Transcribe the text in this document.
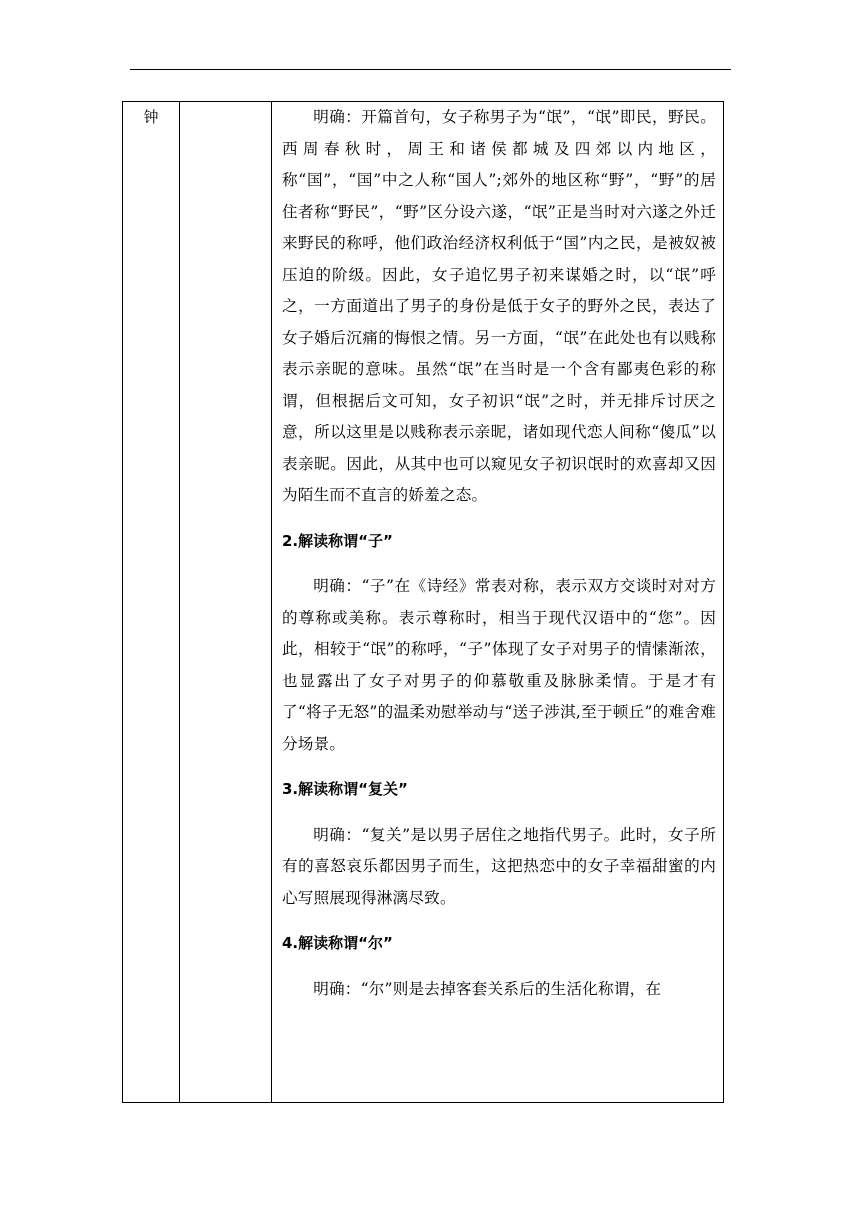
钟		明确：开篇首句，女子称男子为“氓”，“氓”即民，野民。西周春秋时，周王和诸侯都城及四郊以内地区，称“国”，“国”中之人称“国人”;郊外的地区称“野”，“野”的居住者称“野民”，“野”区分设六遂，“氓”正是当时对六遂之外迁来野民的称呼，他们政治经济权利低于“国”内之民，是被奴被压迫的阶级。因此，女子追忆男子初来谋婚之时，以“氓”呼之，一方面道出了男子的身份是低于女子的野外之民，表达了女子婚后沉痛的悔恨之情。另一方面，“氓”在此处也有以贱称表示亲昵的意味。虽然“氓”在当时是一个含有鄙夷色彩的称谓，但根据后文可知，女子初识“氓”之时，并无排斥讨厌之意，所以这里是以贱称表示亲昵，诸如现代恋人间称“傻瓜”以表亲昵。因此，从其中也可以窥见女子初识氓时的欢喜却又因为陌生而不直言的娇羞之态。

2.解读称谓“子”

明确：“子”在《诗经》常表对称，表示双方交谈时对对方的尊称或美称。表示尊称时，相当于现代汉语中的“您”。因此，相较于“氓”的称呼，“子”体现了女子对男子的情愫渐浓，也显露出了女子对男子的仰慕敬重及脉脉柔情。于是才有了“将子无怒”的温柔劝慰举动与“送子涉淇,至于顿丘”的难舍难分场景。

3.解读称谓“复关”

明确：“复关”是以男子居住之地指代男子。此时，女子所有的喜怒哀乐都因男子而生，这把热恋中的女子幸福甜蜜的内心写照展现得淋漓尽致。

4.解读称谓“尔”

明确：“尔”则是去掉客套关系后的生活化称谓，在
